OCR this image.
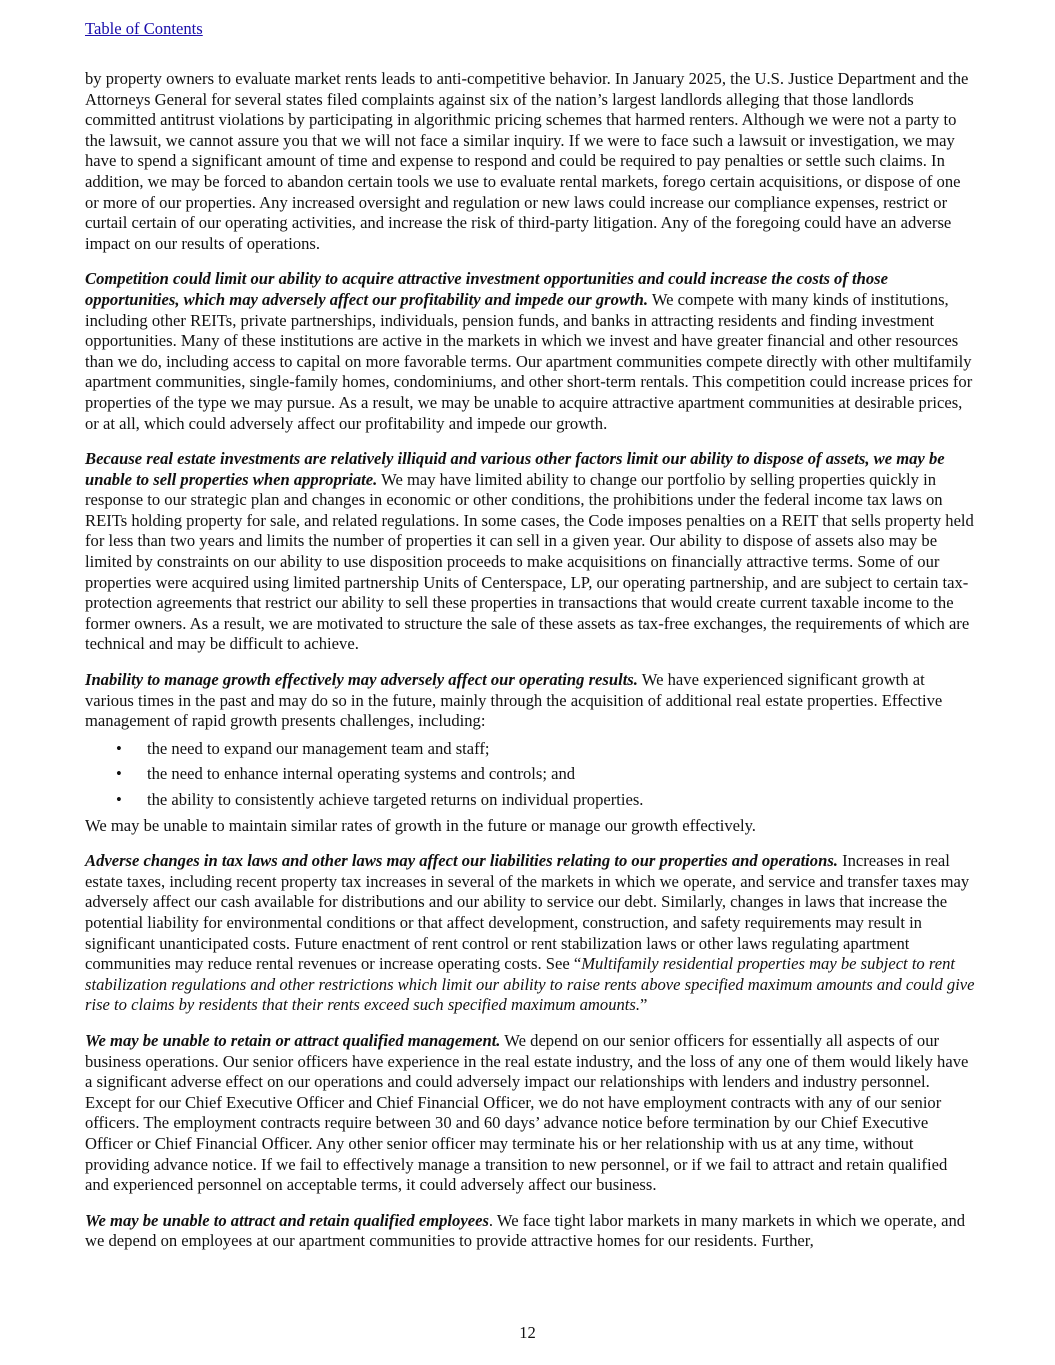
Table of Contents

by property owners to evaluate market rents leads to anti-competitive behavior. In January 2025, the U.S. Justice Department and the Attorneys General for several states filed complaints against six of the nation’s largest landlords alleging that those landlords committed antitrust violations by participating in algorithmic pricing schemes that harmed renters. Although we were not a party to the lawsuit, we cannot assure you that we will not face a similar inquiry. If we were to face such a lawsuit or investigation, we may have to spend a significant amount of time and expense to respond and could be required to pay penalties or settle such claims. In addition, we may be forced to abandon certain tools we use to evaluate rental markets, forego certain acquisitions, or dispose of one or more of our properties. Any increased oversight and regulation or new laws could increase our compliance expenses, restrict or curtail certain of our operating activities, and increase the risk of third-party litigation. Any of the foregoing could have an adverse impact on our results of operations.

Competition could limit our ability to acquire attractive investment opportunities and could increase the costs of those opportunities, which may adversely affect our profitability and impede our growth. We compete with many kinds of institutions, including other REITs, private partnerships, individuals, pension funds, and banks in attracting residents and finding investment opportunities. Many of these institutions are active in the markets in which we invest and have greater financial and other resources than we do, including access to capital on more favorable terms. Our apartment communities compete directly with other multifamily apartment communities, single-family homes, condominiums, and other short-term rentals. This competition could increase prices for properties of the type we may pursue. As a result, we may be unable to acquire attractive apartment communities at desirable prices, or at all, which could adversely affect our profitability and impede our growth.

Because real estate investments are relatively illiquid and various other factors limit our ability to dispose of assets, we may be unable to sell properties when appropriate. We may have limited ability to change our portfolio by selling properties quickly in response to our strategic plan and changes in economic or other conditions, the prohibitions under the federal income tax laws on REITs holding property for sale, and related regulations. In some cases, the Code imposes penalties on a REIT that sells property held for less than two years and limits the number of properties it can sell in a given year. Our ability to dispose of assets also may be limited by constraints on our ability to use disposition proceeds to make acquisitions on financially attractive terms. Some of our properties were acquired using limited partnership Units of Centerspace, LP, our operating partnership, and are subject to certain tax-protection agreements that restrict our ability to sell these properties in transactions that would create current taxable income to the former owners. As a result, we are motivated to structure the sale of these assets as tax-free exchanges, the requirements of which are technical and may be difficult to achieve.

Inability to manage growth effectively may adversely affect our operating results. We have experienced significant growth at various times in the past and may do so in the future, mainly through the acquisition of additional real estate properties. Effective management of rapid growth presents challenges, including:

• the need to expand our management team and staff;
• the need to enhance internal operating systems and controls; and
• the ability to consistently achieve targeted returns on individual properties.

We may be unable to maintain similar rates of growth in the future or manage our growth effectively.

Adverse changes in tax laws and other laws may affect our liabilities relating to our properties and operations. Increases in real estate taxes, including recent property tax increases in several of the markets in which we operate, and service and transfer taxes may adversely affect our cash available for distributions and our ability to service our debt. Similarly, changes in laws that increase the potential liability for environmental conditions or that affect development, construction, and safety requirements may result in significant unanticipated costs. Future enactment of rent control or rent stabilization laws or other laws regulating apartment communities may reduce rental revenues or increase operating costs. See “Multifamily residential properties may be subject to rent stabilization regulations and other restrictions which limit our ability to raise rents above specified maximum amounts and could give rise to claims by residents that their rents exceed such specified maximum amounts.”

We may be unable to retain or attract qualified management. We depend on our senior officers for essentially all aspects of our business operations. Our senior officers have experience in the real estate industry, and the loss of any one of them would likely have a significant adverse effect on our operations and could adversely impact our relationships with lenders and industry personnel. Except for our Chief Executive Officer and Chief Financial Officer, we do not have employment contracts with any of our senior officers. The employment contracts require between 30 and 60 days’ advance notice before termination by our Chief Executive Officer or Chief Financial Officer. Any other senior officer may terminate his or her relationship with us at any time, without providing advance notice. If we fail to effectively manage a transition to new personnel, or if we fail to attract and retain qualified and experienced personnel on acceptable terms, it could adversely affect our business.

We may be unable to attract and retain qualified employees. We face tight labor markets in many markets in which we operate, and we depend on employees at our apartment communities to provide attractive homes for our residents. Further,

12
